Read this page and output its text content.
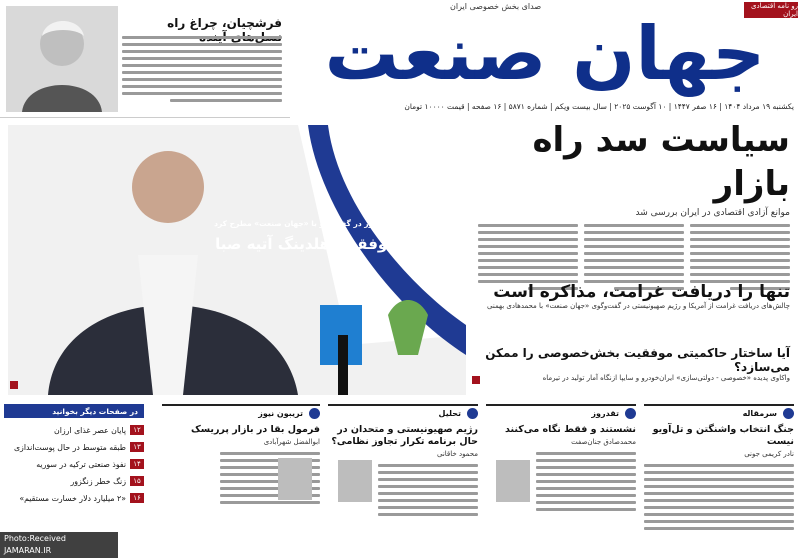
فرشچیان، چراغ راه
رو نامه اقتصادی ایران
صدای بخش خصوصی ایران
جهان صنعت
یکشنبه ۱۹ مرداد ۱۴۰۴ | ۱۶ صفر ۱۴۴۷ | ۱۰ آگوست ۲۰۲۵ | سال بیست ویکم | شماره ۵۸۷۱ | ۱۶ صفحه | قیمت ۱۰۰۰۰ تومان
دکتر علیرضا عظیمی پور در گفت‌وگو با «جهان صنعت» مطرح کرد
داستان موفقیت هلدینگ آتیه صبا
سیاست سد راه بازار
موانع آزادی اقتصادی در ایران بررسی شد
تنها را دریافت غرامت، مذاکره است
چالش‌های دریافت غرامت از آمریکا و رژیم صهیونیستی در گفت‌وگوی «جهان صنعت» با محمدهادی بهمنی
آیا ساختار حاکمیتی موفقیت بخش‌خصوصی را ممکن می‌سازد؟
واکاوی پدیده «خصوصی - دولتی‌سازی» ایران‌خودرو و سایپا ازنگاه آمار تولید در تیرماه
سرمقاله
جنگ انتخاب واشنگتن و تل‌آویو نیست
نادر کریمی جونی
تقدروز
نشستند و فقط نگاه می‌کنند
محمدصادق جنان‌صفت
تحلیل
رژیم صهیونیستی و متحدان در حال برنامه تکرار تجاوز نظامی؟
محمود خاقانی
تریبون نیوز
فرمول بقا در بازار پرریسک
ابوالفضل شهرآبادی
در صفحات دیگر بخوانید
۱۲
پایان عصر غذای ارزان
۱۳
طبقه متوسط در حال پوست‌اندازی
۱۴
نفوذ صنعتی ترکیه در سوریه
۱۵
زنگ خطر زنگزور
۱۶
«۲ میلیارد دلار خسارت مستقیم»
Photo:Received
JAMARAN.IR
